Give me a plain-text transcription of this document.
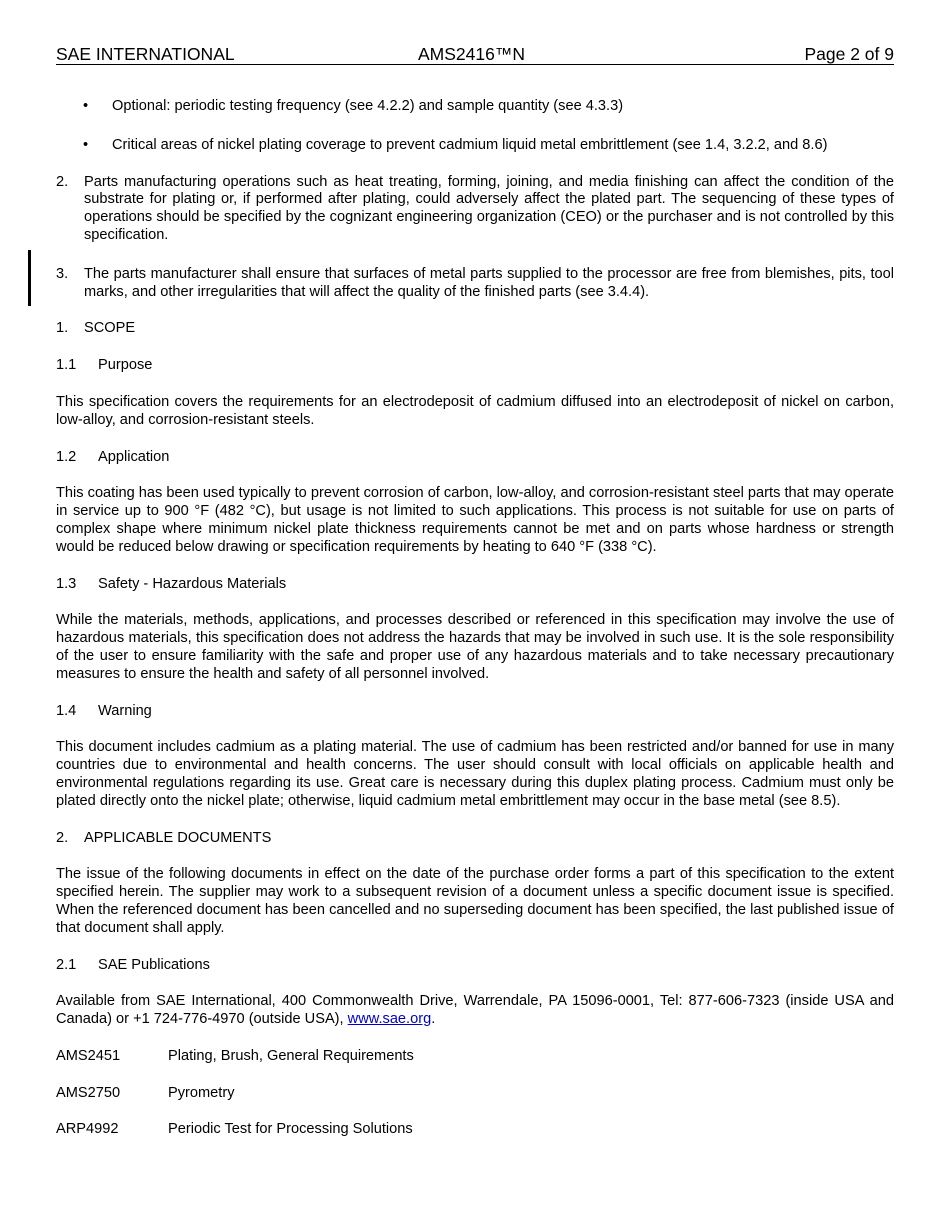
SAE INTERNATIONAL	AMS2416™N	Page 2 of 9
• Optional: periodic testing frequency (see 4.2.2) and sample quantity (see 4.3.3)

• Critical areas of nickel plating coverage to prevent cadmium liquid metal embrittlement (see 1.4, 3.2.2, and 8.6)

2. Parts manufacturing operations such as heat treating, forming, joining, and media finishing can affect the condition of the substrate for plating or, if performed after plating, could adversely affect the plated part. The sequencing of these types of operations should be specified by the cognizant engineering organization (CEO) or the purchaser and is not controlled by this specification.

3. The parts manufacturer shall ensure that surfaces of metal parts supplied to the processor are free from blemishes, pits, tool marks, and other irregularities that will affect the quality of the finished parts (see 3.4.4).

1. SCOPE
1.1 Purpose

This specification covers the requirements for an electrodeposit of cadmium diffused into an electrodeposit of nickel on carbon, low-alloy, and corrosion-resistant steels.

1.2 Application

This coating has been used typically to prevent corrosion of carbon, low-alloy, and corrosion-resistant steel parts that may operate in service up to 900 °F (482 °C), but usage is not limited to such applications. This process is not suitable for use on parts of complex shape where minimum nickel plate thickness requirements cannot be met and on parts whose hardness or strength would be reduced below drawing or specification requirements by heating to 640 °F (338 °C).

1.3 Safety - Hazardous Materials

While the materials, methods, applications, and processes described or referenced in this specification may involve the use of hazardous materials, this specification does not address the hazards that may be involved in such use. It is the sole responsibility of the user to ensure familiarity with the safe and proper use of any hazardous materials and to take necessary precautionary measures to ensure the health and safety of all personnel involved.

1.4 Warning

This document includes cadmium as a plating material. The use of cadmium has been restricted and/or banned for use in many countries due to environmental and health concerns. The user should consult with local officials on applicable health and environmental regulations regarding its use. Great care is necessary during this duplex plating process. Cadmium must only be plated directly onto the nickel plate; otherwise, liquid cadmium metal embrittlement may occur in the base metal (see 8.5).

2. APPLICABLE DOCUMENTS

The issue of the following documents in effect on the date of the purchase order forms a part of this specification to the extent specified herein. The supplier may work to a subsequent revision of a document unless a specific document issue is specified. When the referenced document has been cancelled and no superseding document has been specified, the last published issue of that document shall apply.

2.1 SAE Publications

Available from SAE International, 400 Commonwealth Drive, Warrendale, PA 15096-0001, Tel: 877-606-7323 (inside USA and Canada) or +1 724-776-4970 (outside USA), www.sae.org.

AMS2451	Plating, Brush, General Requirements
AMS2750	Pyrometry
ARP4992	Periodic Test for Processing Solutions
